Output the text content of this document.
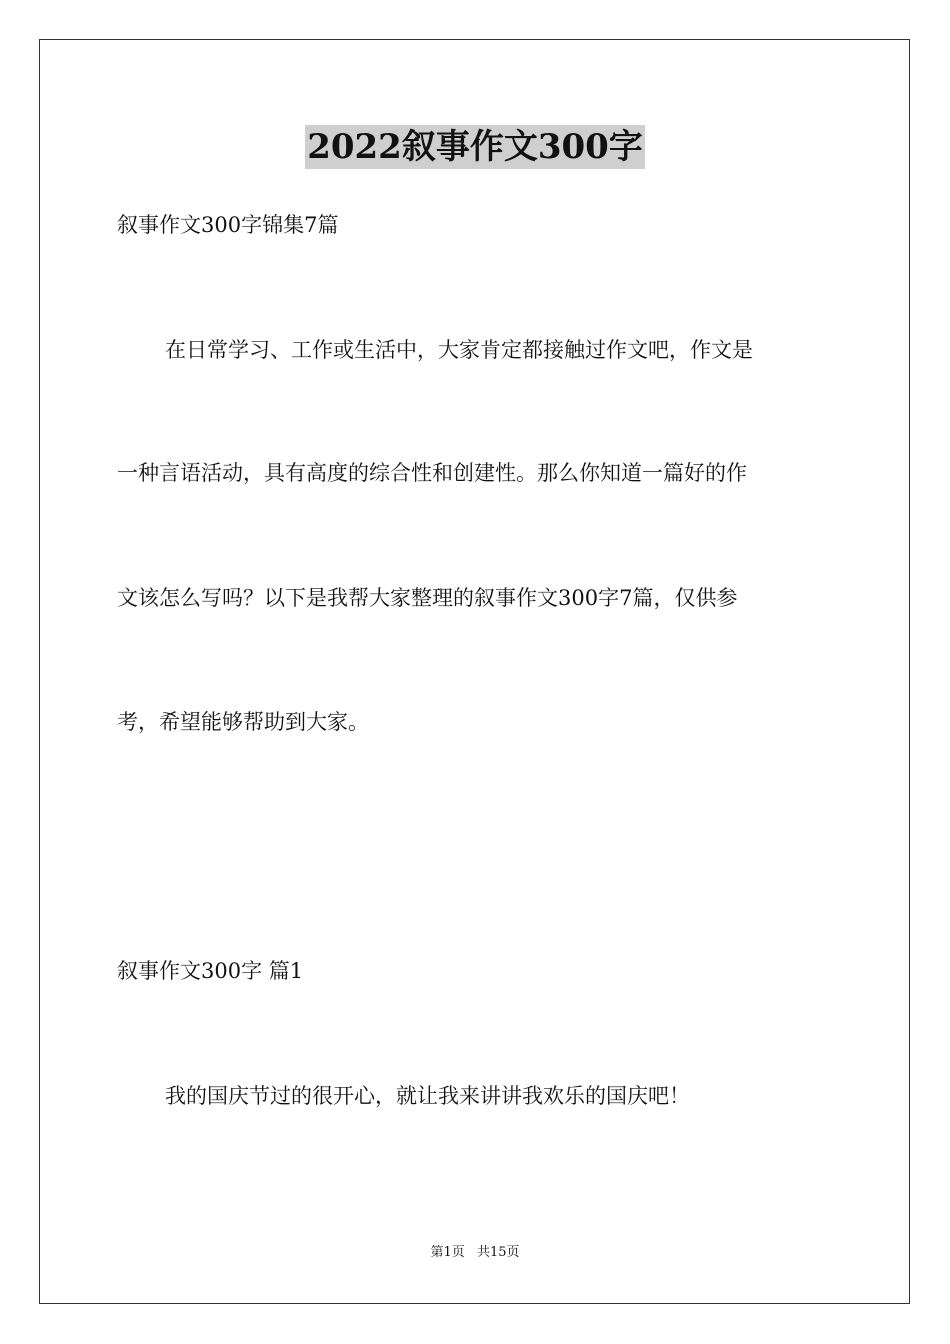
2022叙事作文300字
叙事作文300字锦集7篇
在日常学习、工作或生活中，大家肯定都接触过作文吧，作文是
一种言语活动，具有高度的综合性和创建性。那么你知道一篇好的作
文该怎么写吗？以下是我帮大家整理的叙事作文300字7篇，仅供参
考，希望能够帮助到大家。
叙事作文300字 篇1
我的国庆节过的很开心，就让我来讲讲我欢乐的国庆吧！
第1页 共15页
